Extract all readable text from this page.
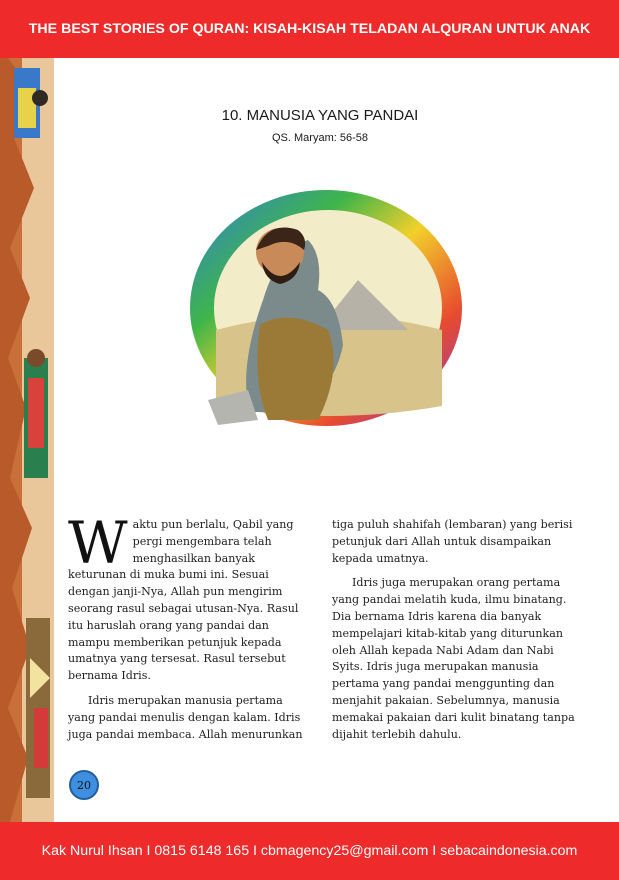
THE BEST STORIES OF QURAN: KISAH-KISAH TELADAN ALQURAN UNTUK ANAK
10. MANUSIA YANG PANDAI
QS. Maryam: 56-58

Waktu pun berlalu, Qabil yang pergi mengembara telah menghasilkan banyak keturunan di muka bumi ini. Sesuai dengan janji-Nya, Allah pun mengirim seorang rasul sebagai utusan-Nya. Rasul itu haruslah orang yang pandai dan mampu memberikan petunjuk kepada umatnya yang tersesat. Rasul tersebut bernama Idris.

Idris merupakan manusia pertama yang pandai menulis dengan kalam. Idris juga pandai membaca. Allah menurunkan

tiga puluh shahifah (lembaran) yang berisi petunjuk dari Allah untuk disampaikan kepada umatnya.

Idris juga merupakan orang pertama yang pandai melatih kuda, ilmu binatang. Dia bernama Idris karena dia banyak mempelajari kitab-kitab yang diturunkan oleh Allah kepada Nabi Adam dan Nabi Syits. Idris juga merupakan manusia pertama yang pandai menggunting dan menjahit pakaian. Sebelumnya, manusia memakai pakaian dari kulit binatang tanpa dijahit terlebih dahulu.

20
Kak Nurul Ihsan I 0815 6148 165 I cbmagency25@gmail.com I sebacaindonesia.com
